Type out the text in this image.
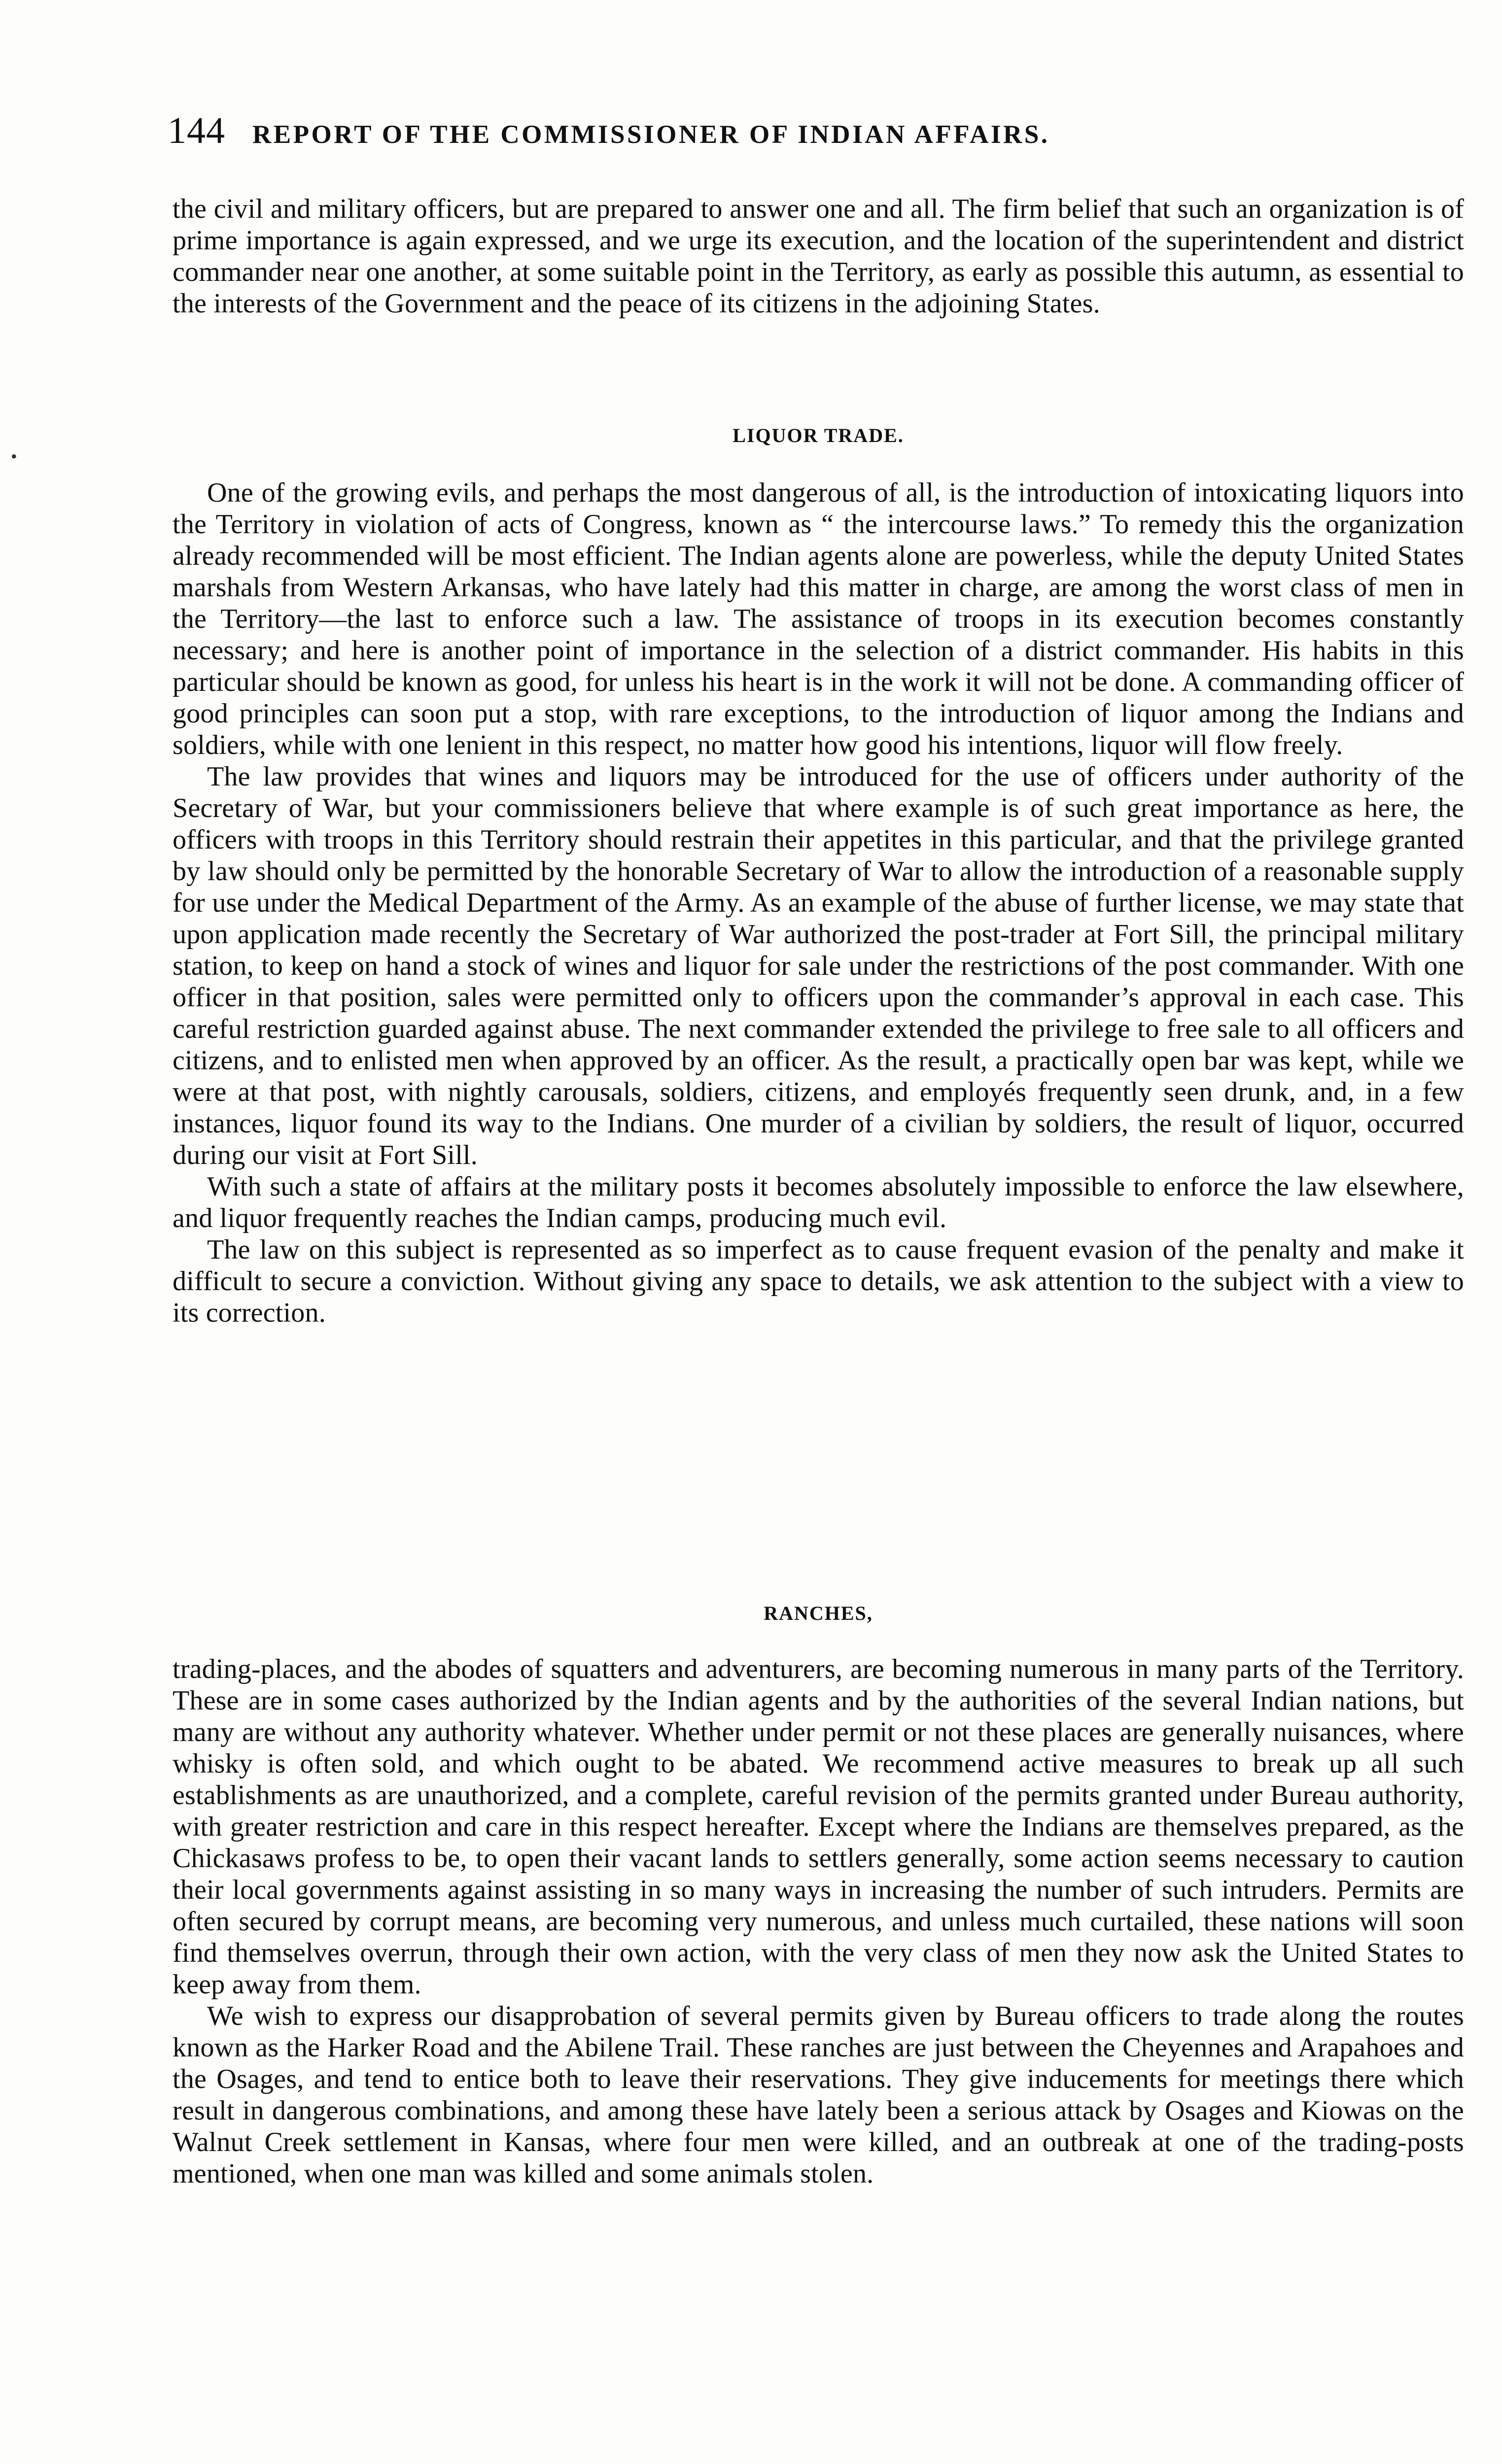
•
144 REPORT OF THE COMMISSIONER OF INDIAN AFFAIRS.

the civil and military officers, but are prepared to answer one and all. The firm belief that such an organization is of prime importance is again expressed, and we urge its execution, and the location of the superintendent and district commander near one another, at some suitable point in the Territory, as early as possible this autumn, as essential to the interests of the Government and the peace of its citizens in the adjoining States.

LIQUOR TRADE.

One of the growing evils, and perhaps the most dangerous of all, is the introduction of intoxicating liquors into the Territory in violation of acts of Congress, known as “ the intercourse laws.” To remedy this the organization already recommended will be most efficient. The Indian agents alone are powerless, while the deputy United States marshals from Western Arkansas, who have lately had this matter in charge, are among the worst class of men in the Territory—the last to enforce such a law. The assistance of troops in its execution becomes constantly necessary; and here is another point of importance in the selection of a district commander. His habits in this particular should be known as good, for unless his heart is in the work it will not be done. A commanding officer of good principles can soon put a stop, with rare exceptions, to the introduction of liquor among the Indians and soldiers, while with one lenient in this respect, no matter how good his intentions, liquor will flow freely.

The law provides that wines and liquors may be introduced for the use of officers under authority of the Secretary of War, but your commissioners believe that where example is of such great importance as here, the officers with troops in this Territory should restrain their appetites in this particular, and that the privilege granted by law should only be permitted by the honorable Secretary of War to allow the introduction of a reasonable supply for use under the Medical Department of the Army. As an example of the abuse of further license, we may state that upon application made recently the Secretary of War authorized the post-trader at Fort Sill, the principal military station, to keep on hand a stock of wines and liquor for sale under the restrictions of the post commander. With one officer in that position, sales were permitted only to officers upon the commander’s approval in each case. This careful restriction guarded against abuse. The next commander extended the privilege to free sale to all officers and citizens, and to enlisted men when approved by an officer. As the result, a practically open bar was kept, while we were at that post, with nightly carousals, soldiers, citizens, and employés frequently seen drunk, and, in a few instances, liquor found its way to the Indians. One murder of a civilian by soldiers, the result of liquor, occurred during our visit at Fort Sill.

With such a state of affairs at the military posts it becomes absolutely impossible to enforce the law elsewhere, and liquor frequently reaches the Indian camps, producing much evil.

The law on this subject is represented as so imperfect as to cause frequent evasion of the penalty and make it difficult to secure a conviction. Without giving any space to details, we ask attention to the subject with a view to its correction.

RANCHES,

trading-places, and the abodes of squatters and adventurers, are becoming numerous in many parts of the Territory. These are in some cases authorized by the Indian agents and by the authorities of the several Indian nations, but many are without any authority whatever. Whether under permit or not these places are generally nuisances, where whisky is often sold, and which ought to be abated. We recommend active measures to break up all such establishments as are unauthorized, and a complete, careful revision of the permits granted under Bureau authority, with greater restriction and care in this respect hereafter. Except where the Indians are themselves prepared, as the Chickasaws profess to be, to open their vacant lands to settlers generally, some action seems necessary to caution their local governments against assisting in so many ways in increasing the number of such intruders. Permits are often secured by corrupt means, are becoming very numerous, and unless much curtailed, these nations will soon find themselves overrun, through their own action, with the very class of men they now ask the United States to keep away from them.

We wish to express our disapprobation of several permits given by Bureau officers to trade along the routes known as the Harker Road and the Abilene Trail. These ranches are just between the Cheyennes and Arapahoes and the Osages, and tend to entice both to leave their reservations. They give inducements for meetings there which result in dangerous combinations, and among these have lately been a serious attack by Osages and Kiowas on the Walnut Creek settlement in Kansas, where four men were killed, and an outbreak at one of the trading-posts mentioned, when one man was killed and some animals stolen.
